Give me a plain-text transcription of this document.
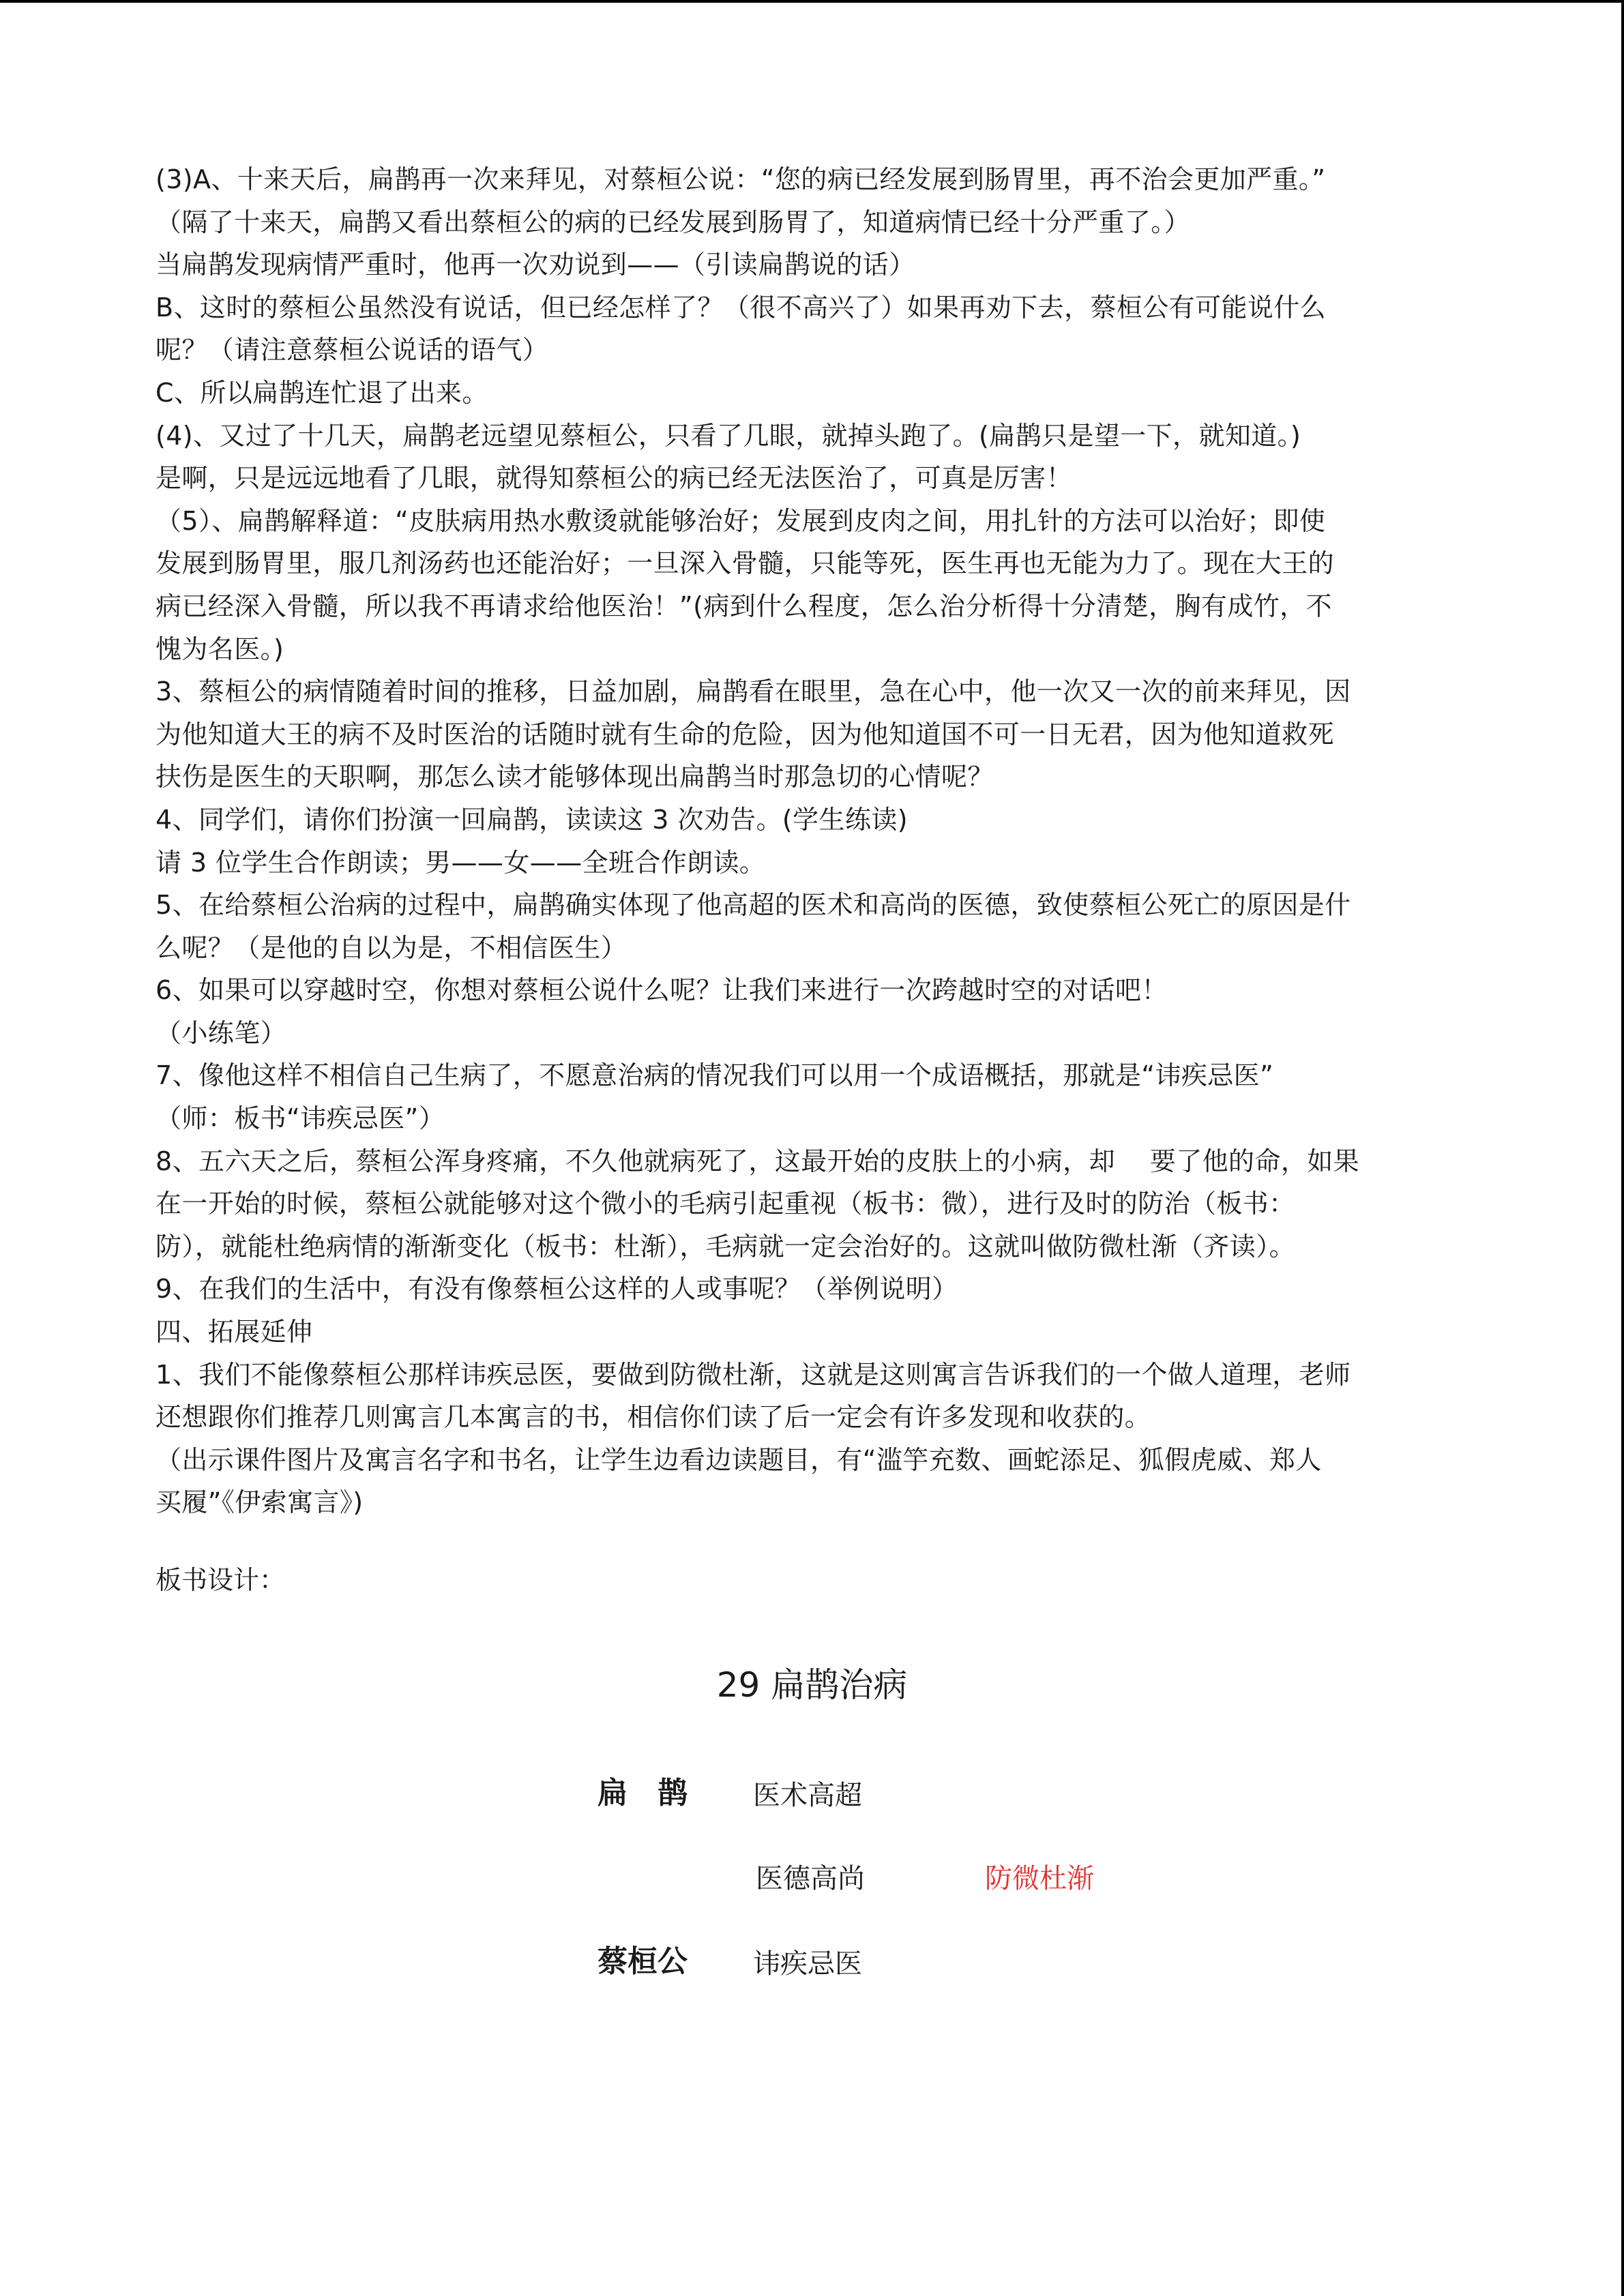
(3)A、十来天后，扁鹊再一次来拜见，对蔡桓公说：“您的病已经发展到肠胃里，再不治会更加严重。”
（隔了十来天，扁鹊又看出蔡桓公的病的已经发展到肠胃了，知道病情已经十分严重了。）
当扁鹊发现病情严重时，他再一次劝说到——（引读扁鹊说的话）
B、这时的蔡桓公虽然没有说话，但已经怎样了？（很不高兴了）如果再劝下去，蔡桓公有可能说什么
呢？（请注意蔡桓公说话的语气）
C、所以扁鹊连忙退了出来。
(4)、又过了十几天，扁鹊老远望见蔡桓公，只看了几眼，就掉头跑了。(扁鹊只是望一下，就知道。)
是啊，只是远远地看了几眼，就得知蔡桓公的病已经无法医治了，可真是厉害！
（5）、扁鹊解释道：“皮肤病用热水敷烫就能够治好；发展到皮肉之间，用扎针的方法可以治好；即使
发展到肠胃里，服几剂汤药也还能治好；一旦深入骨髓，只能等死，医生再也无能为力了。现在大王的
病已经深入骨髓，所以我不再请求给他医治！”(病到什么程度，怎么治分析得十分清楚，胸有成竹，不
愧为名医。)
3、蔡桓公的病情随着时间的推移，日益加剧，扁鹊看在眼里，急在心中，他一次又一次的前来拜见，因
为他知道大王的病不及时医治的话随时就有生命的危险，因为他知道国不可一日无君，因为他知道救死
扶伤是医生的天职啊，那怎么读才能够体现出扁鹊当时那急切的心情呢？
4、同学们，请你们扮演一回扁鹊，读读这 3 次劝告。(学生练读)
请 3 位学生合作朗读；男——女——全班合作朗读。
5、在给蔡桓公治病的过程中，扁鹊确实体现了他高超的医术和高尚的医德，致使蔡桓公死亡的原因是什
么呢？（是他的自以为是，不相信医生）
6、如果可以穿越时空，你想对蔡桓公说什么呢？让我们来进行一次跨越时空的对话吧！
（小练笔）
7、像他这样不相信自己生病了，不愿意治病的情况我们可以用一个成语概括，那就是“讳疾忌医”
（师：板书“讳疾忌医”）
8、五六天之后，蔡桓公浑身疼痛，不久他就病死了，这最开始的皮肤上的小病，却　 要了他的命，如果
在一开始的时候，蔡桓公就能够对这个微小的毛病引起重视（板书：微），进行及时的防治（板书：
防），就能杜绝病情的渐渐变化（板书：杜渐），毛病就一定会治好的。这就叫做防微杜渐（齐读）。
9、在我们的生活中，有没有像蔡桓公这样的人或事呢？（举例说明）
四、拓展延伸
1、我们不能像蔡桓公那样讳疾忌医，要做到防微杜渐，这就是这则寓言告诉我们的一个做人道理，老师
还想跟你们推荐几则寓言几本寓言的书，相信你们读了后一定会有许多发现和收获的。
（出示课件图片及寓言名字和书名，让学生边看边读题目，有“滥竽充数、画蛇添足、狐假虎威、郑人
买履”《伊索寓言》)
板书设计：
29 扁鹊治病
扁　鹊 医术高超
医德高尚	防微杜渐
蔡桓公 讳疾忌医
